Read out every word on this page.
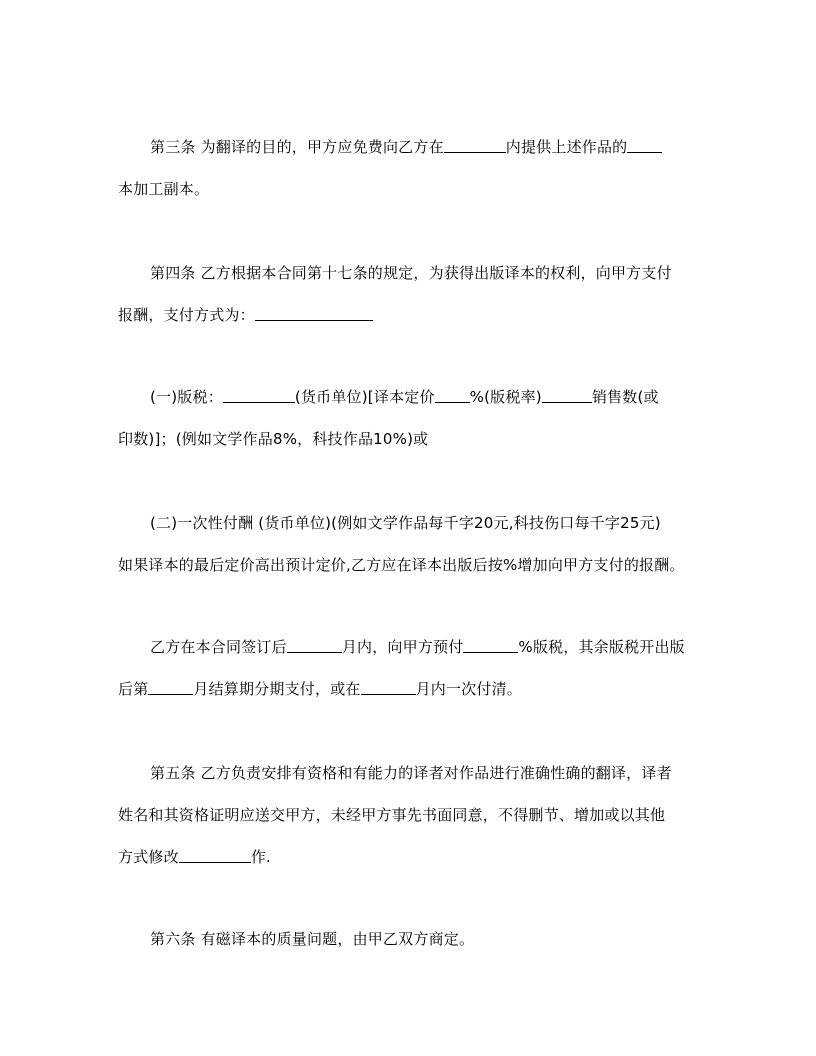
第三条 为翻译的目的，甲方应免费向乙方在	内提供上述作品的
本加工副本。
第四条 乙方根据本合同第十七条的规定，为获得出版译本的权利，向甲方支付
报酬，支付方式为：
(一)版税：	(货币单位)[译本定价 %(版税率)	销售数(或
印数)]；(例如文学作品8%，科技作品10%)或
(二)一次性付酬 (货币单位)(例如文学作品每千字20元,科技伤口每千字25元)
如果译本的最后定价高出预计定价,乙方应在译本出版后按%增加向甲方支付的报酬。
乙方在本合同签订后	月内，向甲方预付	%版税，其余版税开出版
后第	月结算期分期支付，或在	月内一次付清。
第五条 乙方负责安排有资格和有能力的译者对作品进行准确性确的翻译，译者
姓名和其资格证明应送交甲方，未经甲方事先书面同意，不得删节、增加或以其他
方式修改	作.
第六条 有磁译本的质量问题，由甲乙双方商定。
